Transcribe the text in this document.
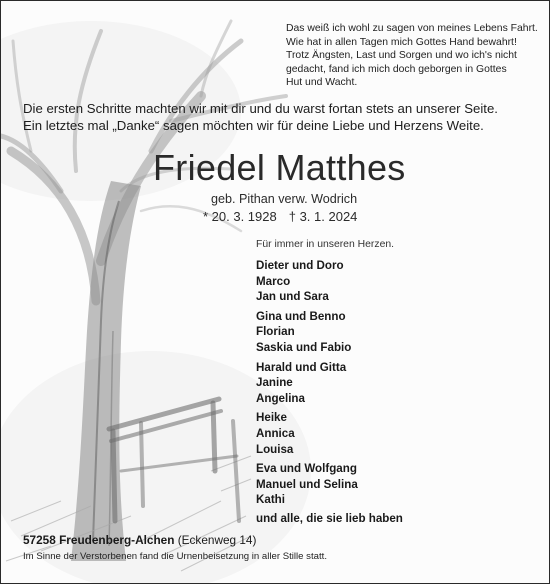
Das weiß ich wohl zu sagen von meines Lebens Fahrt.
Wie hat in allen Tagen mich Gottes Hand bewahrt!
Trotz Ängsten, Last und Sorgen und wo ich's nicht
gedacht, fand ich mich doch geborgen in Gottes
Hut und Wacht.
Die ersten Schritte machten wir mit dir und du warst fortan stets an unserer Seite.
Ein letztes mal „Danke“ sagen möchten wir für deine Liebe und Herzens Weite.
Friedel Matthes
geb. Pithan verw. Wodrich
* 20. 3. 1928 † 3. 1. 2024
Für immer in unseren Herzen.
Dieter und Doro
Marco
Jan und Sara
Gina und Benno
Florian
Saskia und Fabio
Harald und Gitta
Janine
Angelina
Heike
Annica
Louisa
Eva und Wolfgang
Manuel und Selina
Kathi
und alle, die sie lieb haben
57258 Freudenberg-Alchen (Eckenweg 14)
Im Sinne der Verstorbenen fand die Urnenbeisetzung in aller Stille statt.
